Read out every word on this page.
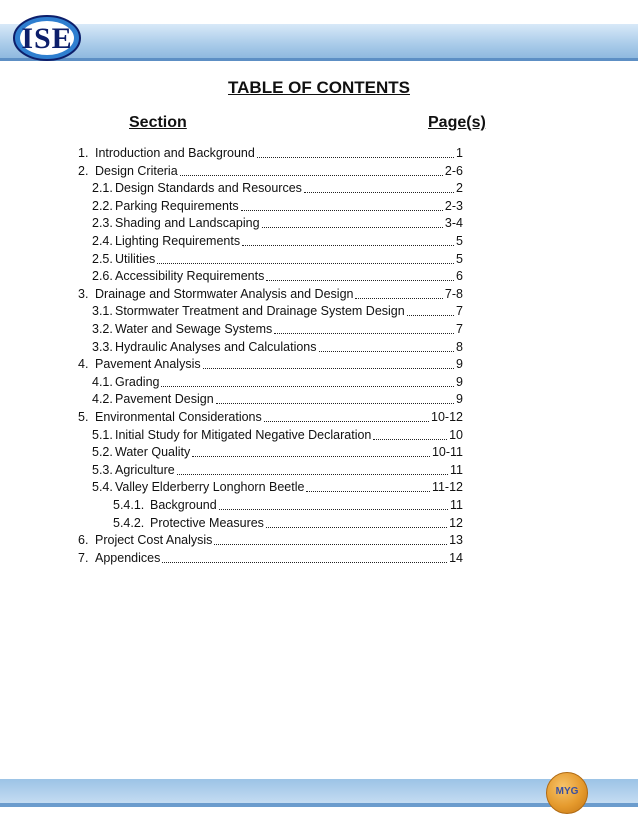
ISE
TABLE OF CONTENTS
Section	Page(s)
1. Introduction and Background	1
2. Design Criteria	2-6
2.1. Design Standards and Resources	2
2.2. Parking Requirements	2-3
2.3. Shading and Landscaping	3-4
2.4. Lighting Requirements	5
2.5. Utilities	5
2.6. Accessibility Requirements	6
3. Drainage and Stormwater Analysis and Design	7-8
3.1. Stormwater Treatment and Drainage System Design	7
3.2. Water and Sewage Systems	7
3.3. Hydraulic Analyses and Calculations	8
4. Pavement Analysis	9
4.1. Grading	9
4.2. Pavement Design	9
5. Environmental Considerations	10-12
5.1. Initial Study for Mitigated Negative Declaration	10
5.2. Water Quality	10-11
5.3. Agriculture	11
5.4. Valley Elderberry Longhorn Beetle	11-12
5.4.1. Background	11
5.4.2. Protective Measures	12
6. Project Cost Analysis	13
7. Appendices	14
MYG
